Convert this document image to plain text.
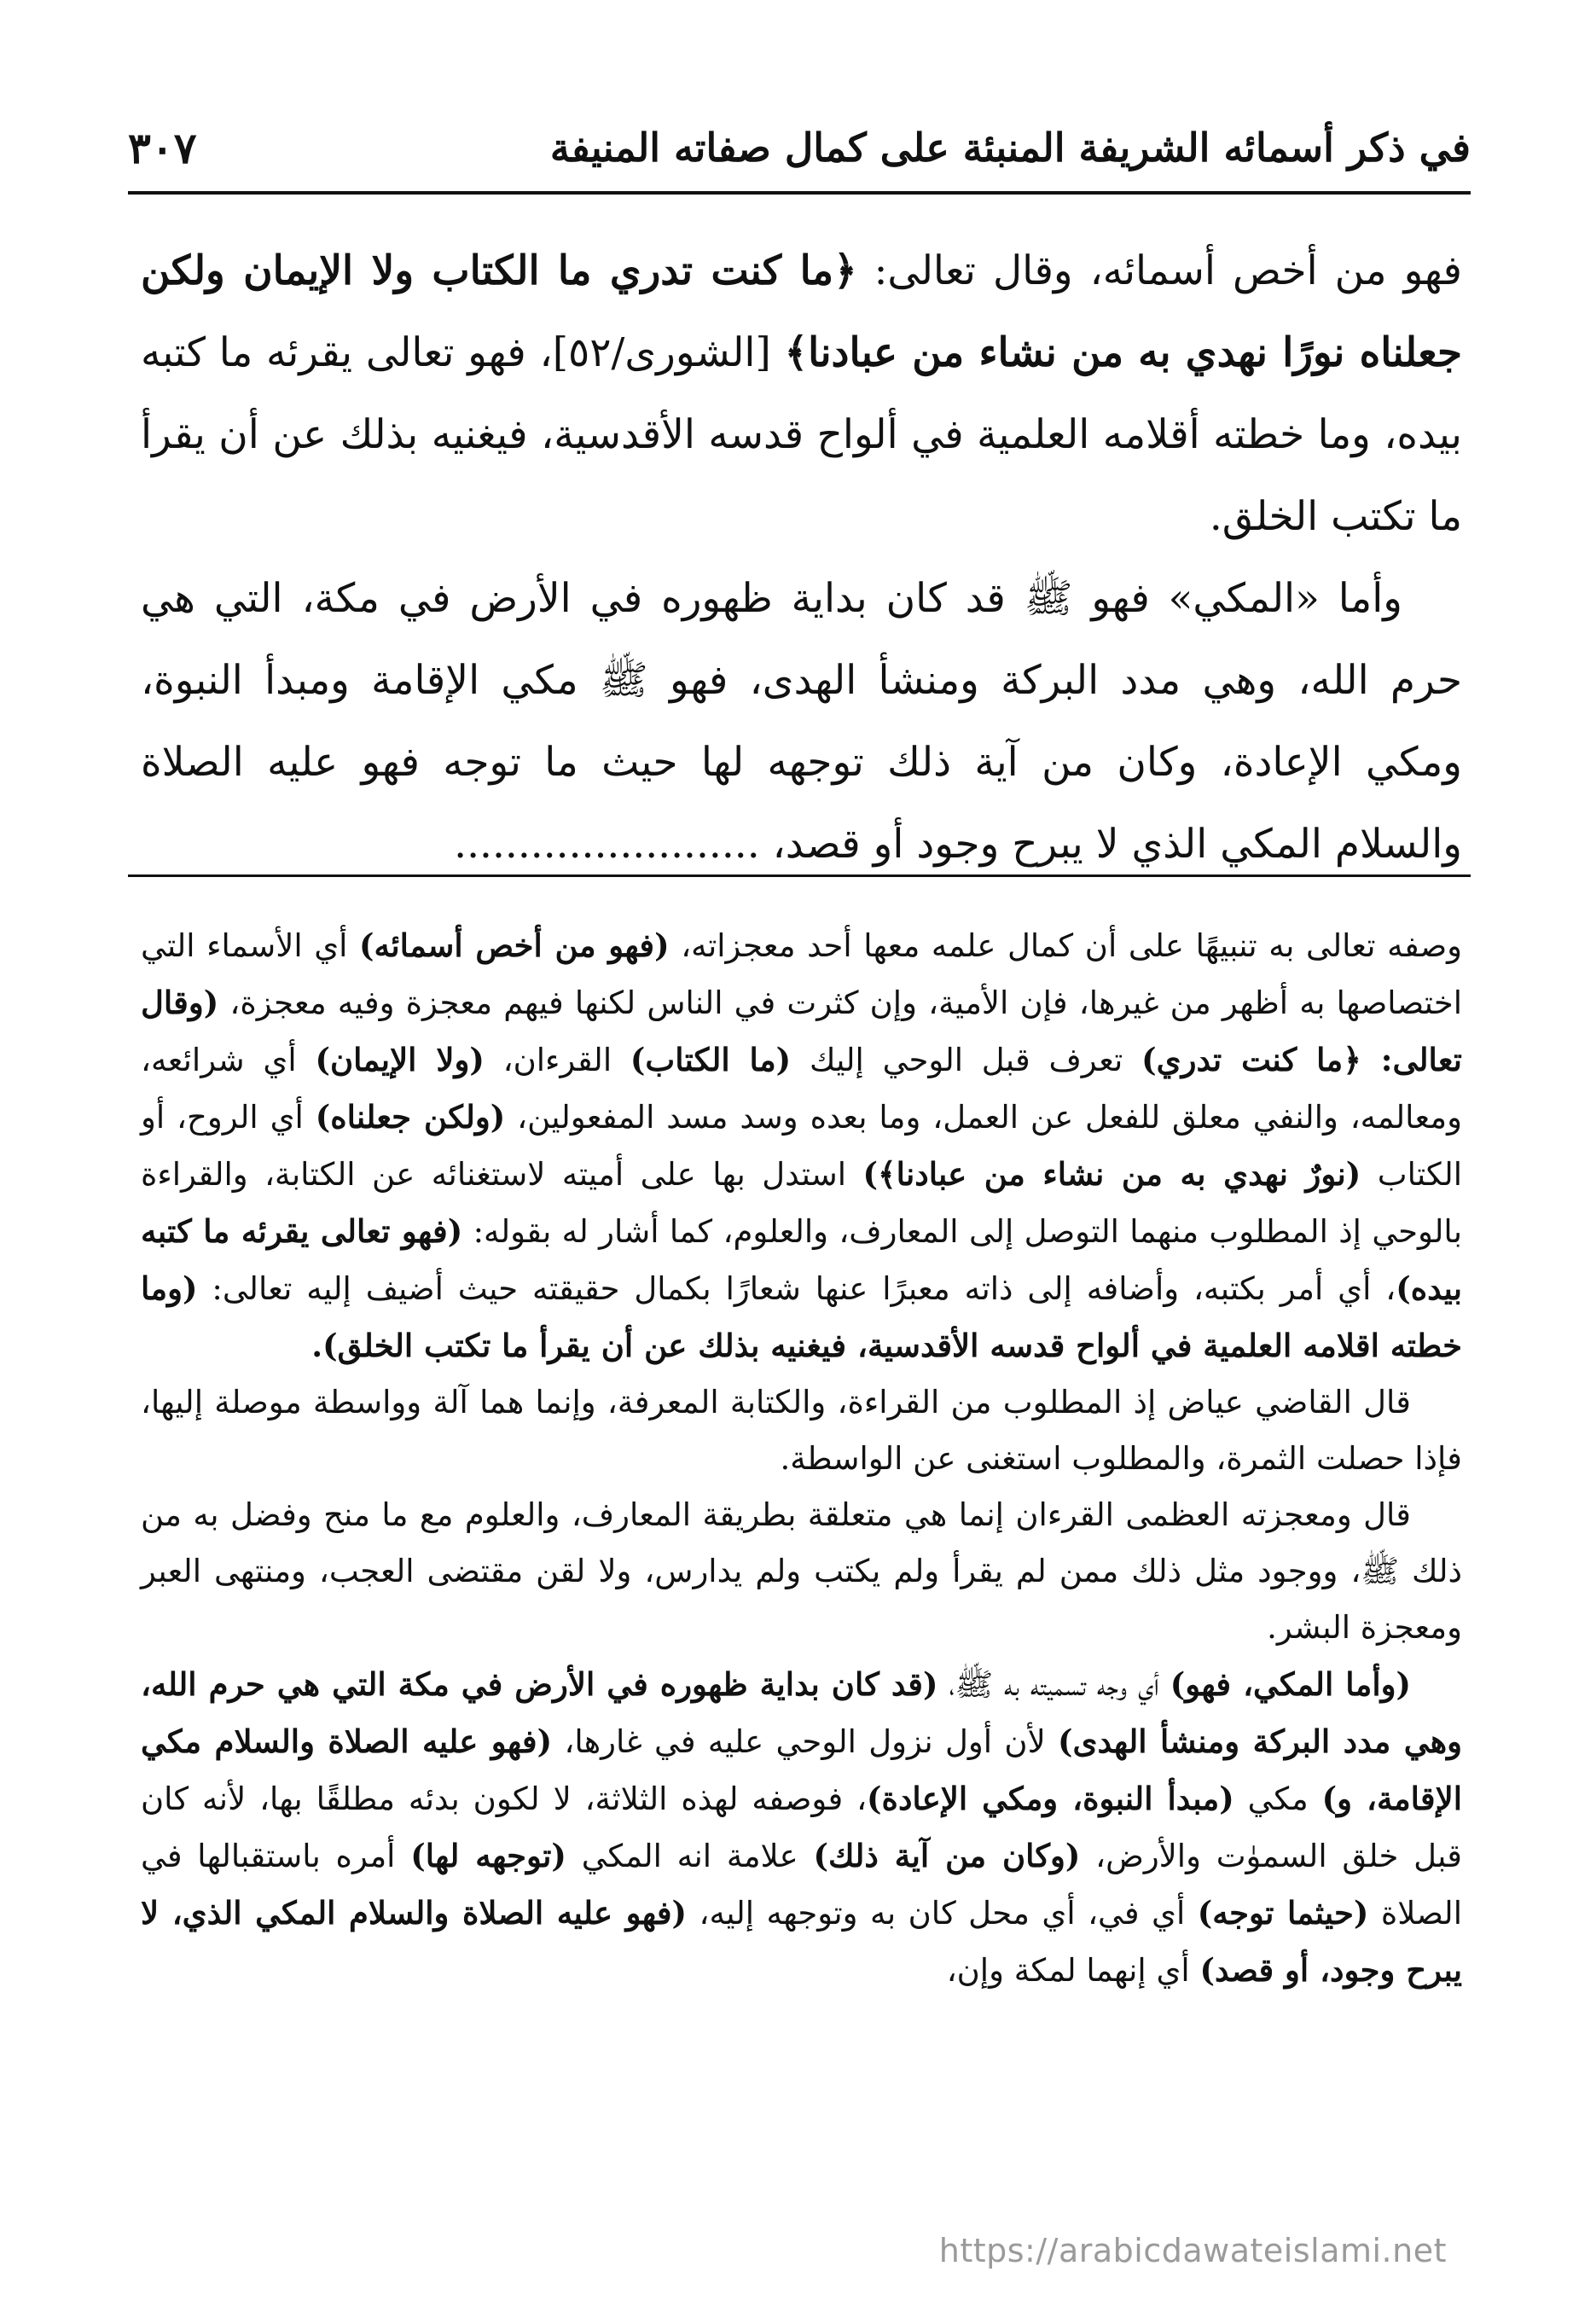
في ذكر أسمائه الشريفة المنبئة على كمال صفاته المنيفة
٣٠٧

فهو من أخص أسمائه، وقال تعالى: ﴿ما كنت تدري ما الكتاب ولا الإيمان ولكن جعلناه نورًا نهدي به من نشاء من عبادنا﴾ [الشورى/٥٢]، فهو تعالى يقرئه ما كتبه بيده، وما خطته أقلامه العلمية في ألواح قدسه الأقدسية، فيغنيه بذلك عن أن يقرأ ما تكتب الخلق.

وأما «المكي» فهو ﷺ قد كان بداية ظهوره في الأرض في مكة، التي هي حرم الله، وهي مدد البركة ومنشأ الهدى، فهو ﷺ مكي الإقامة ومبدأ النبوة، ومكي الإعادة، وكان من آية ذلك توجهه لها حيث ما توجه فهو عليه الصلاة والسلام المكي الذي لا يبرح وجود أو قصد، ........................

وصفه تعالى به تنبيهًا على أن كمال علمه معها أحد معجزاته، (فهو من أخص أسمائه) أي الأسماء التي اختصاصها به أظهر من غيرها، فإن الأمية، وإن كثرت في الناس لكنها فيهم معجزة وفيه معجزة، (وقال تعالى: ﴿ما كنت تدري) تعرف قبل الوحي إليك (ما الكتاب) القرءان، (ولا الإيمان) أي شرائعه، ومعالمه، والنفي معلق للفعل عن العمل، وما بعده وسد مسد المفعولين، (ولكن جعلناه) أي الروح، أو الكتاب (نورٌ نهدي به من نشاء من عبادنا﴾) استدل بها على أميته لاستغنائه عن الكتابة، والقراءة بالوحي إذ المطلوب منهما التوصل إلى المعارف، والعلوم، كما أشار له بقوله: (فهو تعالى يقرئه ما كتبه بيده)، أي أمر بكتبه، وأضافه إلى ذاته معبرًا عنها شعارًا بكمال حقيقته حيث أضيف إليه تعالى: (وما خطته اقلامه العلمية في ألواح قدسه الأقدسية، فيغنيه بذلك عن أن يقرأ ما تكتب الخلق).

قال القاضي عياض إذ المطلوب من القراءة، والكتابة المعرفة، وإنما هما آلة وواسطة موصلة إليها، فإذا حصلت الثمرة، والمطلوب استغنى عن الواسطة.

قال ومعجزته العظمى القرءان إنما هي متعلقة بطريقة المعارف، والعلوم مع ما منح وفضل به من ذلك ﷺ، ووجود مثل ذلك ممن لم يقرأ ولم يكتب ولم يدارس، ولا لقن مقتضى العجب، ومنتهى العبر ومعجزة البشر.

(وأما المكي، فهو) أي وجه تسميته به ﷺ، (قد كان بداية ظهوره في الأرض في مكة التي هي حرم الله، وهي مدد البركة ومنشأ الهدى) لأن أول نزول الوحي عليه في غارها، (فهو عليه الصلاة والسلام مكي الإقامة، و) مكي (مبدأ النبوة، ومكي الإعادة)، فوصفه لهذه الثلاثة، لا لكون بدئه مطلقًا بها، لأنه كان قبل خلق السموٰت والأرض، (وكان من آية ذلك) علامة انه المكي (توجهه لها) أمره باستقبالها في الصلاة (حيثما توجه) أي في، أي محل كان به وتوجهه إليه، (فهو عليه الصلاة والسلام المكي الذي، لا يبرح وجود، أو قصد) أي إنهما لمكة وإن،

https://arabicdawateislami.net
